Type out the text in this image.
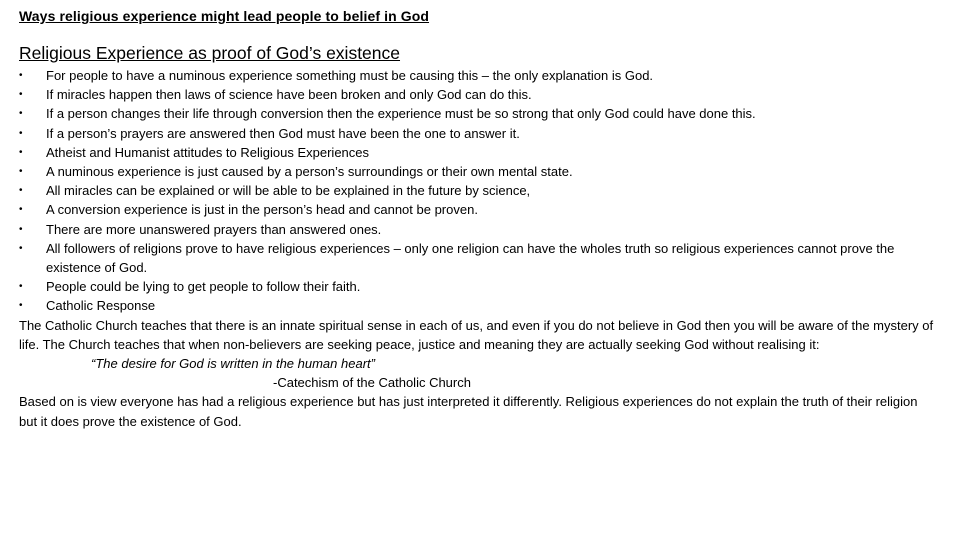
Ways religious experience might lead people to belief in God
Religious Experience as proof of God’s existence
• For people to have a numinous experience something must be causing this – the only explanation is God.
• If miracles happen then laws of science have been broken and only God can do this.
• If a person changes their life through conversion then the experience must be so strong that only God could have done this.
• If a person’s prayers are answered then God must have been the one to answer it.
• Atheist and Humanist attitudes to Religious Experiences
• A numinous experience is just caused by a person’s surroundings or their own mental state.
• All miracles can be explained or will be able to be explained in the future by science,
• A conversion experience is just in the person’s head and cannot be proven.
• There are more unanswered prayers than answered ones.
• All followers of religions prove to have religious experiences – only one religion can have the wholes truth so religious experiences cannot prove the existence of God.
• People could be lying to get people to follow their faith.
• Catholic Response

The Catholic Church teaches that there is an innate spiritual sense in each of us, and even if you do not believe in God then you will be aware of the mystery of life. The Church teaches that when non-believers are seeking peace, justice and meaning they are actually seeking God without realising it:

“The desire for God is written in the human heart”

-Catechism of the Catholic Church

Based on is view everyone has had a religious experience but has just interpreted it differently. Religious experiences do not explain the truth of their religion but it does prove the existence of God.
